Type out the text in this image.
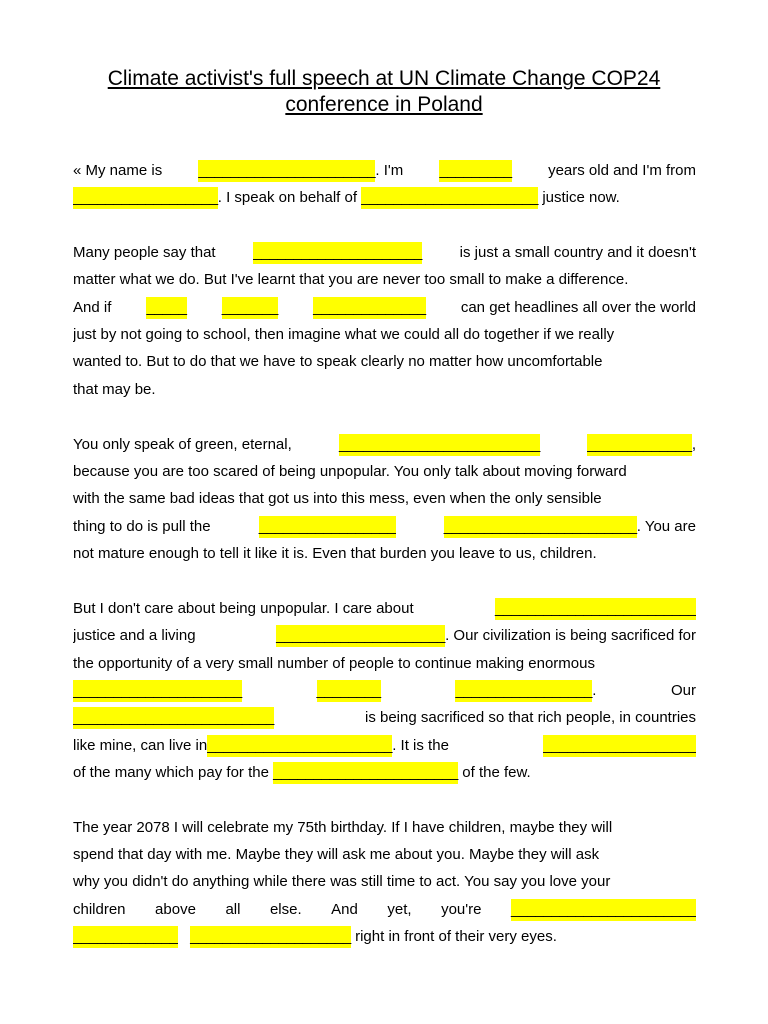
Climate activist's full speech at UN Climate Change COP24
conference in Poland
« My name is ______________________. I'm _________ years old and I'm from
__________________. I speak on behalf of ______________________ justice now.
Many people say that	_____________________	is just a small country and it doesn't
matter what we do. But I've learnt that you are never too small to make a difference.
And if _____ _______ ______________ can get headlines all over the world
just by not going to school, then imagine what we could all do together if we really
wanted to. But to do that we have to speak clearly no matter how uncomfortable
that may be.
You only speak of green, eternal,	_________________________	_____________,
because you are too scared of being unpopular. You only talk about moving forward
with the same bad ideas that got us into this mess, even when the only sensible
thing to do is pull the	_________________	________________________. You are
not mature enough to tell it like it is. Even that burden you leave to us, children.
But I don't care about being unpopular. I care about	_________________________
justice and a living	_____________________. Our civilization is being sacrificed for
the opportunity of a very small number of people to continue making enormous
_____________________	________	_________________.	Our
_________________________	is being sacrificed so that rich people, in countries
like mine, can live in_______________________. It is the	___________________
of the many which pay for the _______________________ of the few.
The year 2078 I will celebrate my 75th birthday. If I have children, maybe they will
spend that day with me. Maybe they will ask me about you. Maybe they will ask
why you didn't do anything while there was still time to act. You say you love your
children above all else. And yet, you're _______________________
_____________ ____________________ right in front of their very eyes.
